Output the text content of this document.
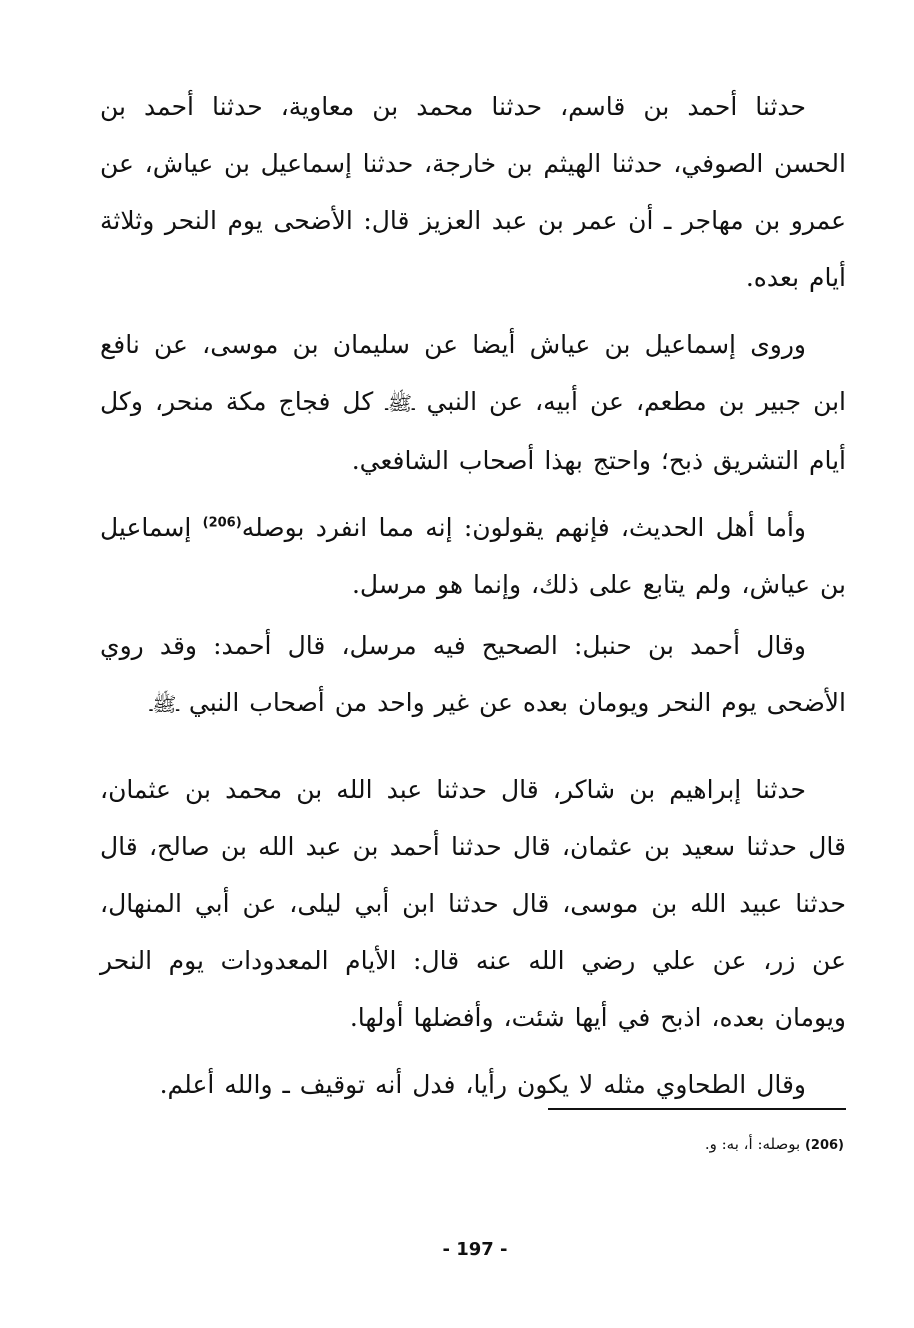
حدثنا أحمد بن قاسم، حدثنا محمد بن معاوية، حدثنا أحمد بن الحسن الصوفي، حدثنا الهيثم بن خارجة، حدثنا إسماعيل بن عياش، عن عمرو بن مهاجر ـ أن عمر بن عبد العزيز قال: الأضحى يوم النحر وثلاثة أيام بعده.

وروى إسماعيل بن عياش أيضا عن سليمان بن موسى، عن نافع ابن جبير بن مطعم، عن أبيه، عن النبي ـﷺـ كل فجاج مكة منحر، وكل أيام التشريق ذبح؛ واحتج بهذا أصحاب الشافعي.

وأما أهل الحديث، فإنهم يقولون: إنه مما انفرد بوصله$^{(206)}$ إسماعيل بن عياش، ولم يتابع على ذلك، وإنما هو مرسل.

وقال أحمد بن حنبل: الصحيح فيه مرسل، قال أحمد: وقد روي الأضحى يوم النحر ويومان بعده عن غير واحد من أصحاب النبي ـﷺـ

حدثنا إبراهيم بن شاكر، قال حدثنا عبد الله بن محمد بن عثمان، قال حدثنا سعيد بن عثمان، قال حدثنا أحمد بن عبد الله بن صالح، قال حدثنا عبيد الله بن موسى، قال حدثنا ابن أبي ليلى، عن أبي المنهال، عن زر، عن علي رضي الله عنه قال: الأيام المعدودات يوم النحر ويومان بعده، اذبح في أيها شئت، وأفضلها أولها.

وقال الطحاوي مثله لا يكون رأيا، فدل أنه توقيف ـ والله أعلم.

(206) بوصله: أ، به: و.
- 197 -
